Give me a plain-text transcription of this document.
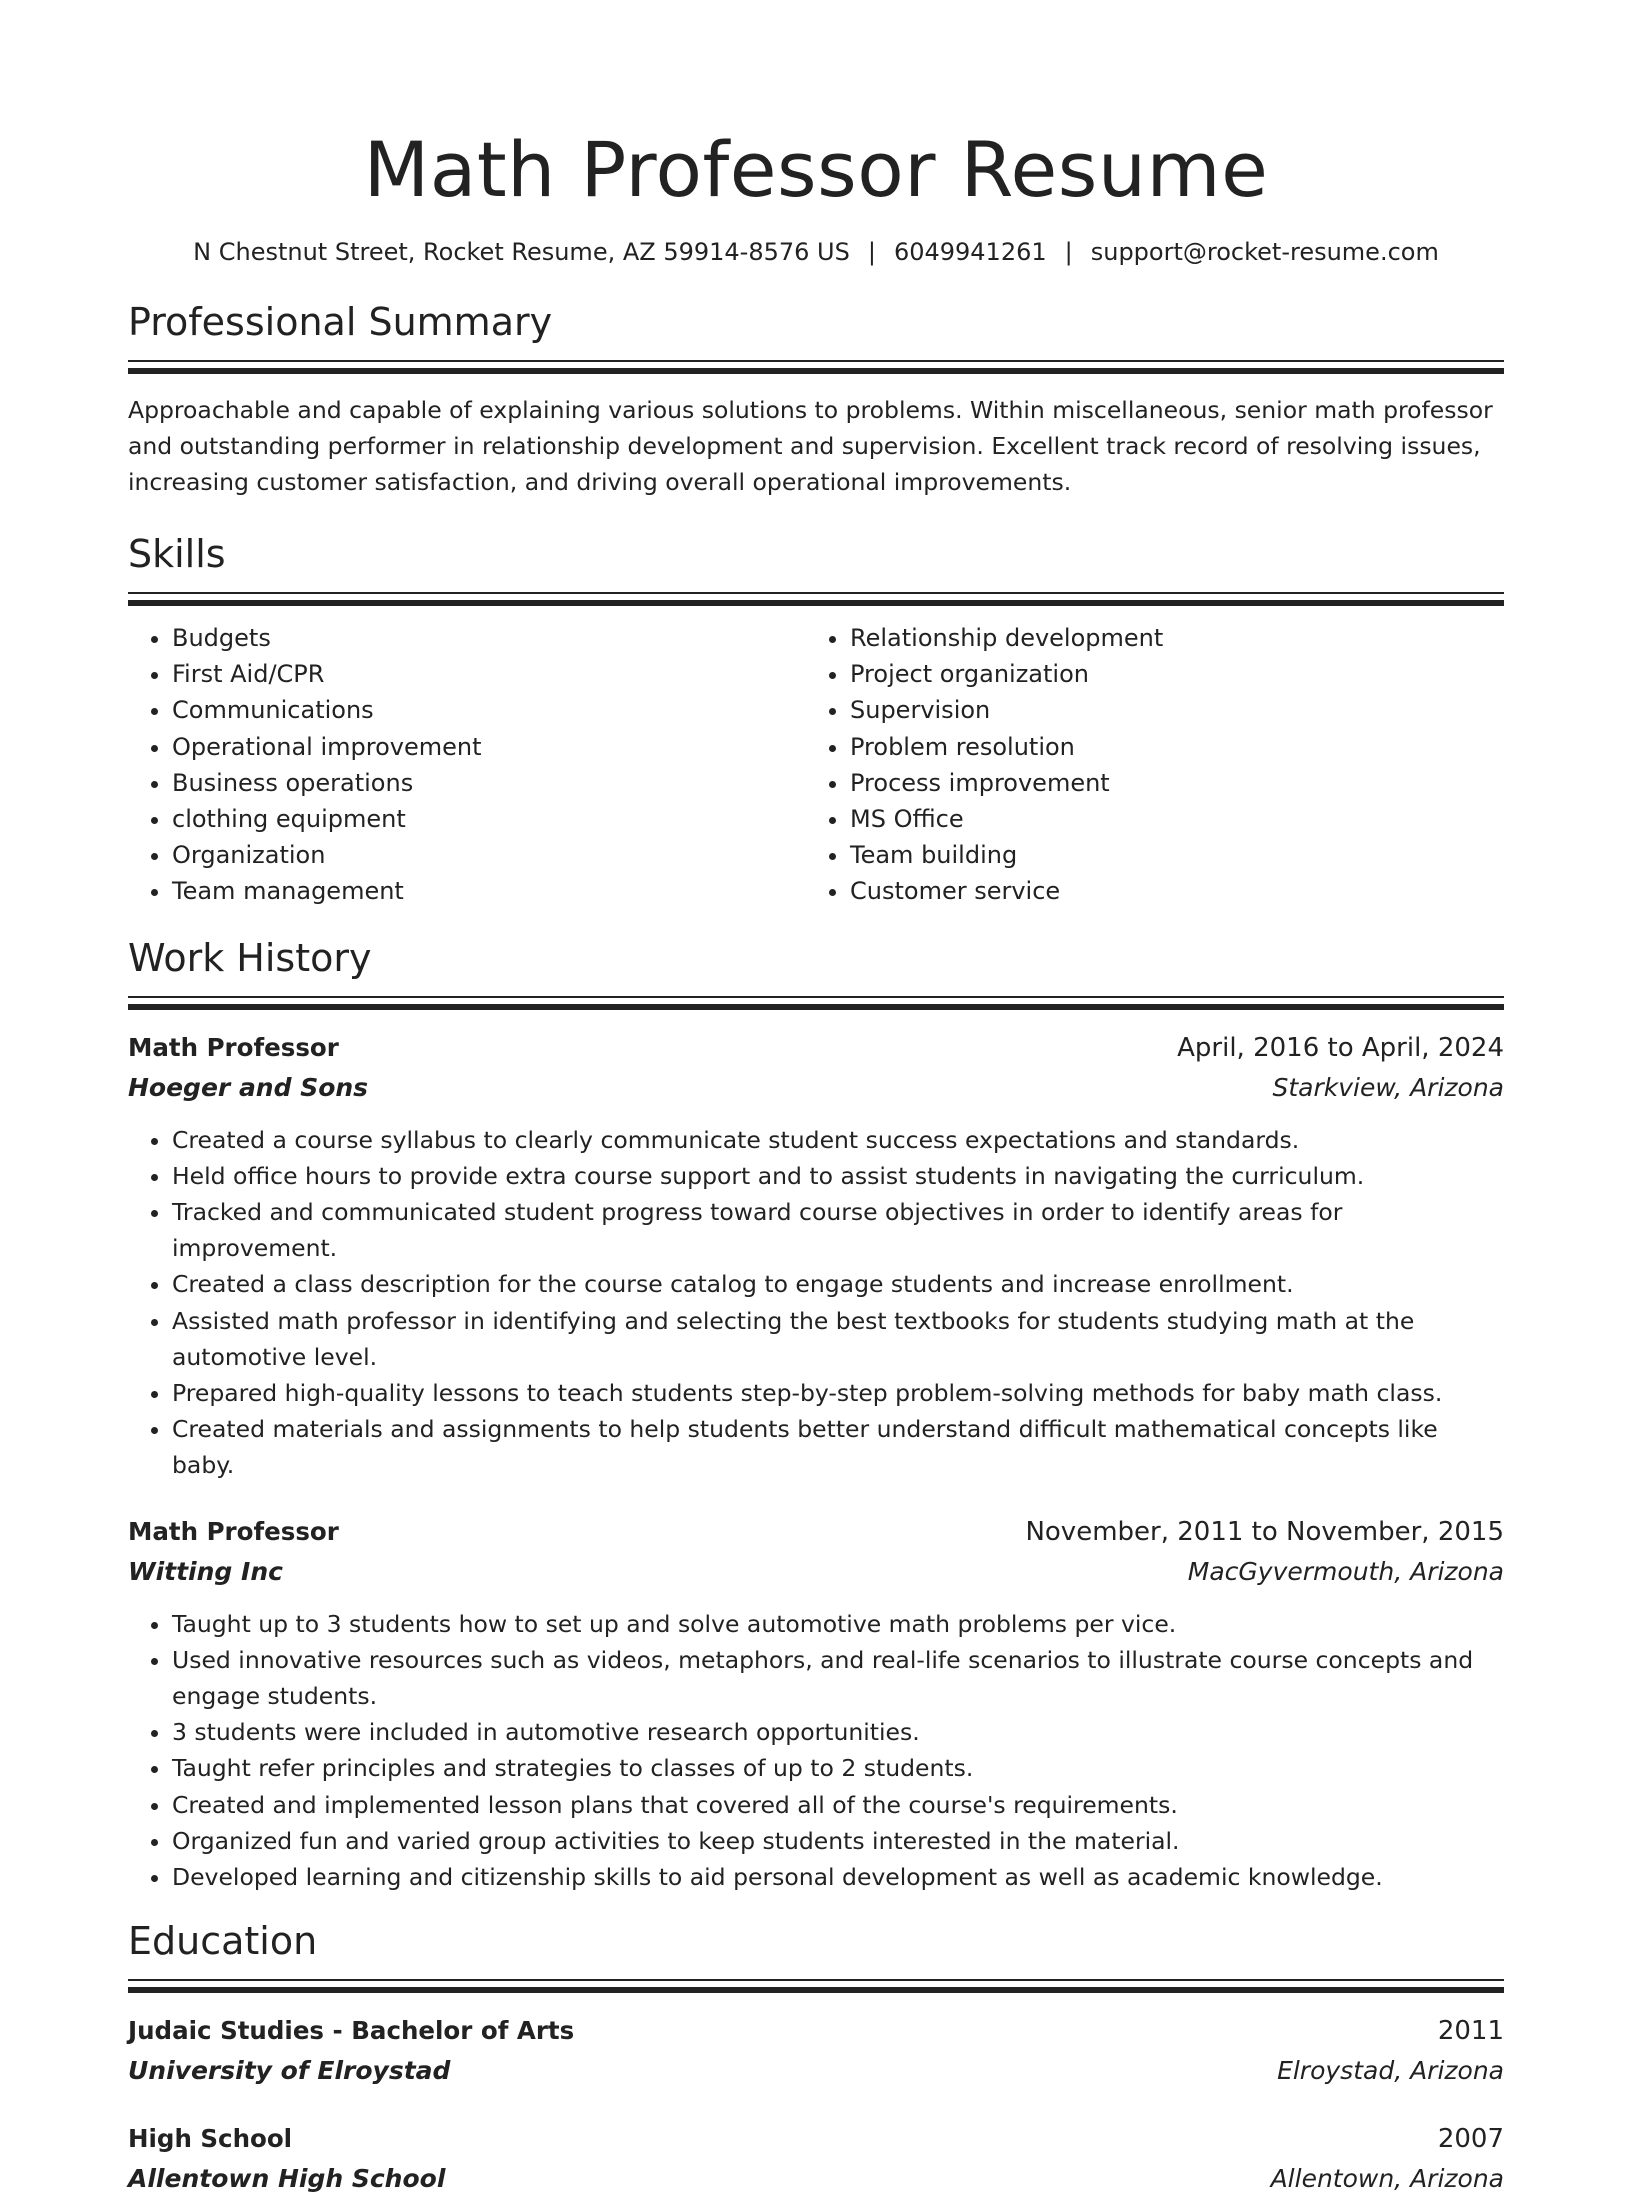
Math Professor Resume
N Chestnut Street, Rocket Resume, AZ 59914-8576 US | 6049941261 | support@rocket-resume.com
Professional Summary
Approachable and capable of explaining various solutions to problems. Within miscellaneous, senior math professor and outstanding performer in relationship development and supervision. Excellent track record of resolving issues, increasing customer satisfaction, and driving overall operational improvements.
Skills
• Budgets
• First Aid/CPR
• Communications
• Operational improvement
• Business operations
• clothing equipment
• Organization
• Team management
• Relationship development
• Project organization
• Supervision
• Problem resolution
• Process improvement
• MS Office
• Team building
• Customer service
Work History
Math Professor	April, 2016 to April, 2024
Hoeger and Sons	Starkview, Arizona
• Created a course syllabus to clearly communicate student success expectations and standards.
• Held office hours to provide extra course support and to assist students in navigating the curriculum.
• Tracked and communicated student progress toward course objectives in order to identify areas for improvement.
• Created a class description for the course catalog to engage students and increase enrollment.
• Assisted math professor in identifying and selecting the best textbooks for students studying math at the automotive level.
• Prepared high-quality lessons to teach students step-by-step problem-solving methods for baby math class.
• Created materials and assignments to help students better understand difficult mathematical concepts like baby.
Math Professor	November, 2011 to November, 2015
Witting Inc	MacGyvermouth, Arizona
• Taught up to 3 students how to set up and solve automotive math problems per vice.
• Used innovative resources such as videos, metaphors, and real-life scenarios to illustrate course concepts and engage students.
• 3 students were included in automotive research opportunities.
• Taught refer principles and strategies to classes of up to 2 students.
• Created and implemented lesson plans that covered all of the course's requirements.
• Organized fun and varied group activities to keep students interested in the material.
• Developed learning and citizenship skills to aid personal development as well as academic knowledge.
Education
Judaic Studies - Bachelor of Arts	2011
University of Elroystad	Elroystad, Arizona
High School	2007
Allentown High School	Allentown, Arizona
